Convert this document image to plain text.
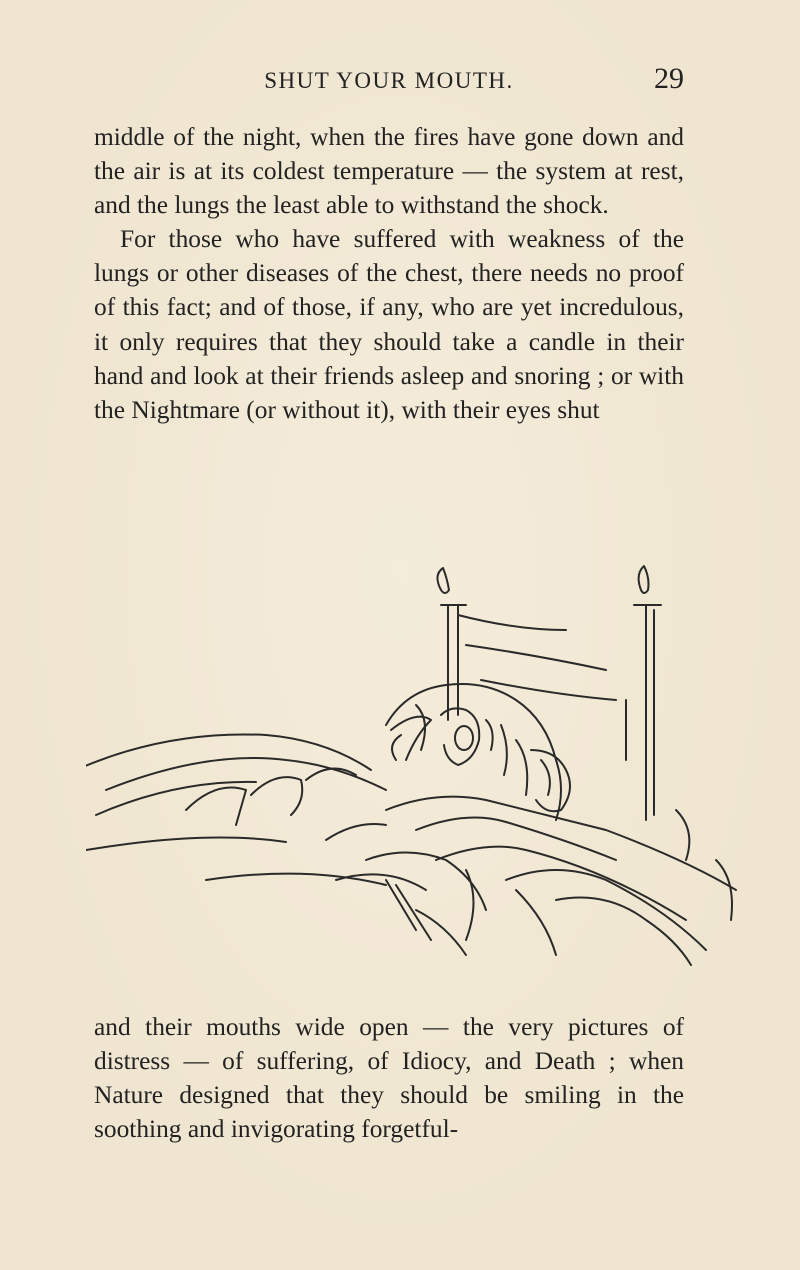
SHUT YOUR MOUTH.	29

middle of the night, when the fires have gone down and the air is at its coldest temperature — the system at rest, and the lungs the least able to withstand the shock.

For those who have suffered with weakness of the lungs or other diseases of the chest, there needs no proof of this fact; and of those, if any, who are yet incredulous, it only requires that they should take a candle in their hand and look at their friends asleep and snoring ; or with the Nightmare (or without it), with their eyes shut

and their mouths wide open — the very pictures of distress — of suffering, of Idiocy, and Death ; when Nature designed that they should be smiling in the soothing and invigorating forgetful-
